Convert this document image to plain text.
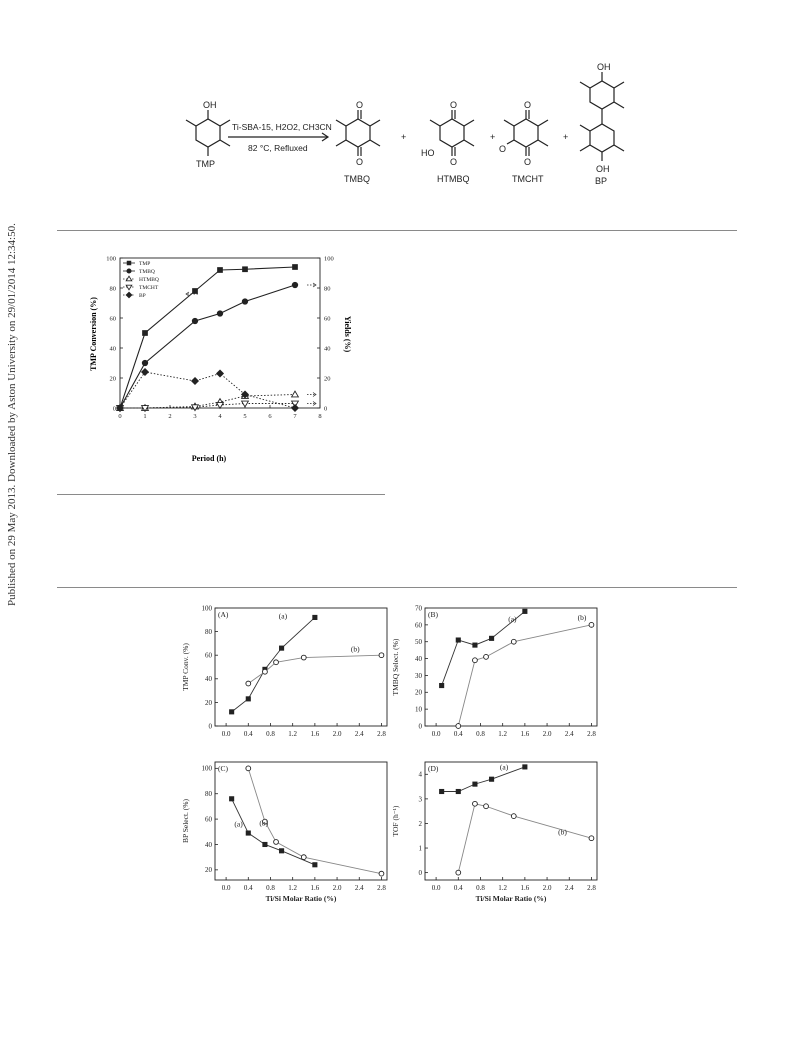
Published on 29 May 2013. Downloaded by Aston University on 29/01/2014 12:34:50.
OH
TMP
Ti-SBA-15, H2O2, CH3CN
82 °C, Refluxed
O
O
TMBQ
+
O
O
HO
HTMBQ
+
O
O
O
TMCHT
+
OH
OH
BP
0	1	2	3	4	5	6	7	8
0	0
20	20
40	40
60	60
80	80
100	100
TMP
TMBQ
HTMBQ
TMCHT
BP
Period (h)
TMP Conversion (%)	Yields (%)
0.0 0.4 0.8 1.2 1.6 2.0 2.4 2.8
0
20
40
60
80
100
(A)
TMP Conv. (%)
(a)
(b)
0.0 0.4 0.8 1.2 1.6 2.0 2.4 2.8
0
10
20
30
40
50
60
70
(B)
TMBQ Select. (%)
(a)	(b)
0.0 0.4 0.8 1.2 1.6 2.0 2.4 2.8
20
40
60
80
100 (C)
BP Select. (%)
Ti/Si Molar Ratio (%)
(a) (b)
0.0 0.4 0.8 1.2 1.6 2.0 2.4 2.8
0
1
2
3
4
(D)
TOF (h⁻¹)
Ti/Si Molar Ratio (%)
(a)
(b)
